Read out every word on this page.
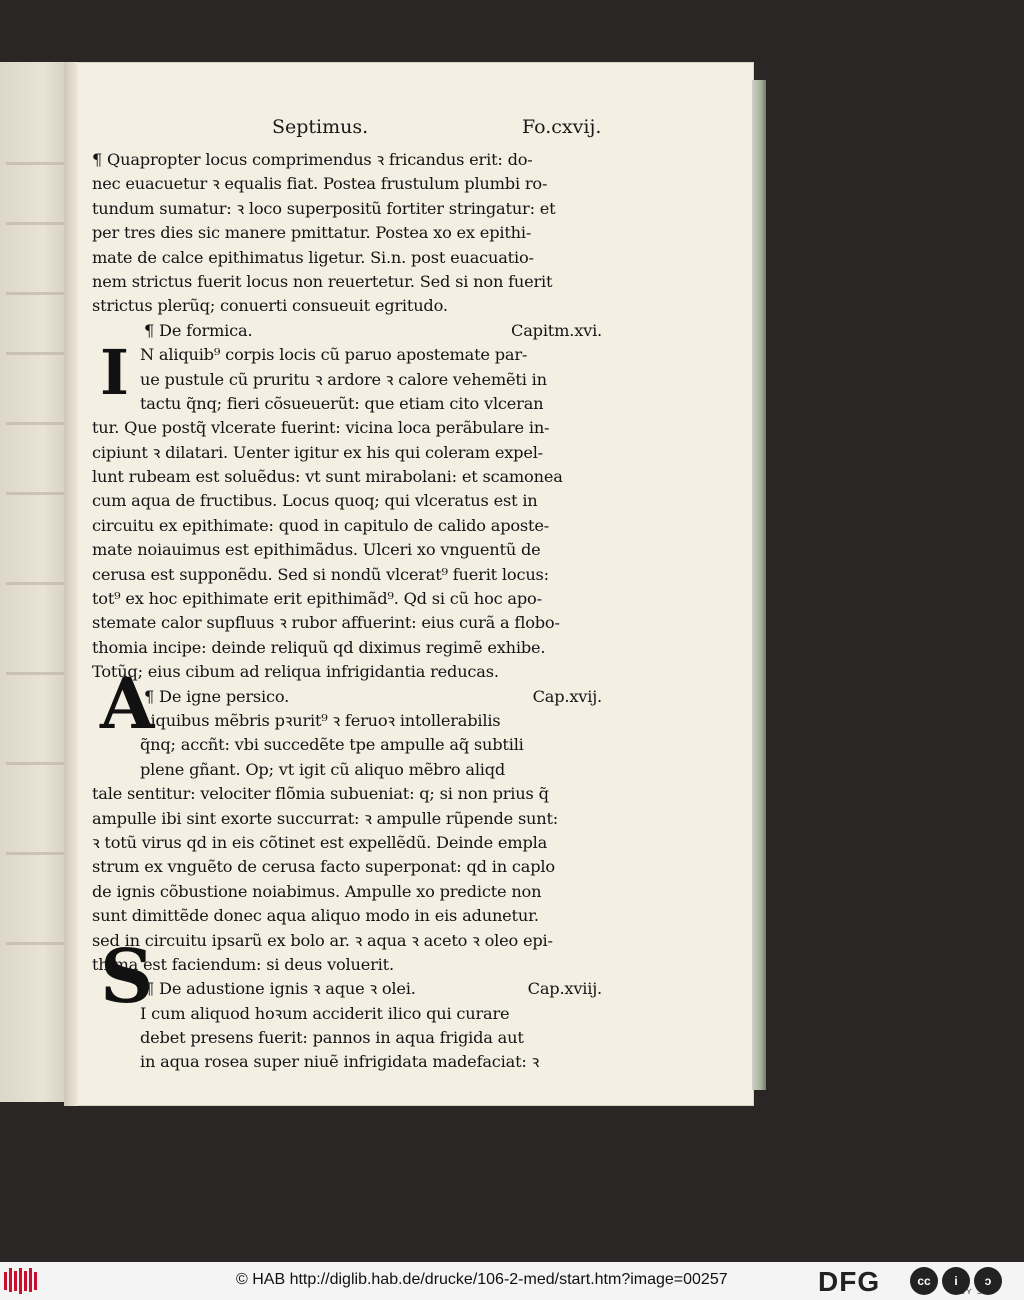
Septimus.	Fo.cxvij.
I
A
S
¶ Quapropter locus comprimendus ꝛ fricandus erit: do-
nec euacuetur ꝛ equalis fiat. Postea frustulum plumbi ro-
tundum sumatur: ꝛ loco superpositũ fortiter stringatur: et
per tres dies sic manere pmittatur. Postea xo ex epithi-
mate de calce epithimatus ligetur. Si.n. post euacuatio-
nem strictus fuerit locus non reuertetur. Sed si non fuerit
strictus plerũq; conuerti consueuit egritudo.
¶ De formica.	Capitm.xvi.
N aliquib⁹ corpis locis cũ paruo apostemate par-
ue pustule cũ pruritu ꝛ ardore ꝛ calore vehemẽti in
tactu q̃nq; fieri cõsueuerũt: que etiam cito vlceran
tur. Que postq̃ vlcerate fuerint: vicina loca perãbulare in-
cipiunt ꝛ dilatari. Uenter igitur ex his qui coleram expel-
lunt rubeam est soluẽdus: vt sunt mirabolani: et scamonea
cum aqua de fructibus. Locus quoq; qui vlceratus est in
circuitu ex epithimate: quod in capitulo de calido aposte-
mate noiauimus est epithimãdus. Ulceri xo vnguentũ de
cerusa est supponẽdu. Sed si nondũ vlcerat⁹ fuerit locus:
tot⁹ ex hoc epithimate erit epithimãd⁹. Qd si cũ hoc apo-
stemate calor supfluus ꝛ rubor affuerint: eius curã a flobo-
thomia incipe: deinde reliquũ qd diximus regimẽ exhibe.
Totũq; eius cibum ad reliqua infrigidantia reducas.
¶ De igne persico.	Cap.xvij.
Liquibus mẽbris pꝛurit⁹ ꝛ feruoꝛ intollerabilis
q̃nq; accñt: vbi succedẽte tpe ampulle aq̃ subtili
plene gñant. Op; vt igit cũ aliquo mẽbro aliqd
tale sentitur: velociter flõmia subueniat: q; si non prius q̃
ampulle ibi sint exorte succurrat: ꝛ ampulle rũpende sunt:
ꝛ totũ virus qd in eis cõtinet est expellẽdũ. Deinde empla
strum ex vnguẽto de cerusa facto superponat: qd in caplo
de ignis cõbustione noiabimus. Ampulle xo predicte non
sunt dimittẽde donec aqua aliquo modo in eis adunetur.
sed in circuitu ipsarũ ex bolo ar. ꝛ aqua ꝛ aceto ꝛ oleo epi-
thima est faciendum: si deus voluerit.
¶ De adustione ignis ꝛ aque ꝛ olei.	Cap.xviij.
I cum aliquod hoꝛum acciderit ilico qui curare
debet presens fuerit: pannos in aqua frigida aut
in aqua rosea super niuẽ infrigidata madefaciat: ꝛ
© HAB http://diglib.hab.de/drucke/106-2-med/start.htm?image=00257	DFG	cc	i	ↄ
BY SA
